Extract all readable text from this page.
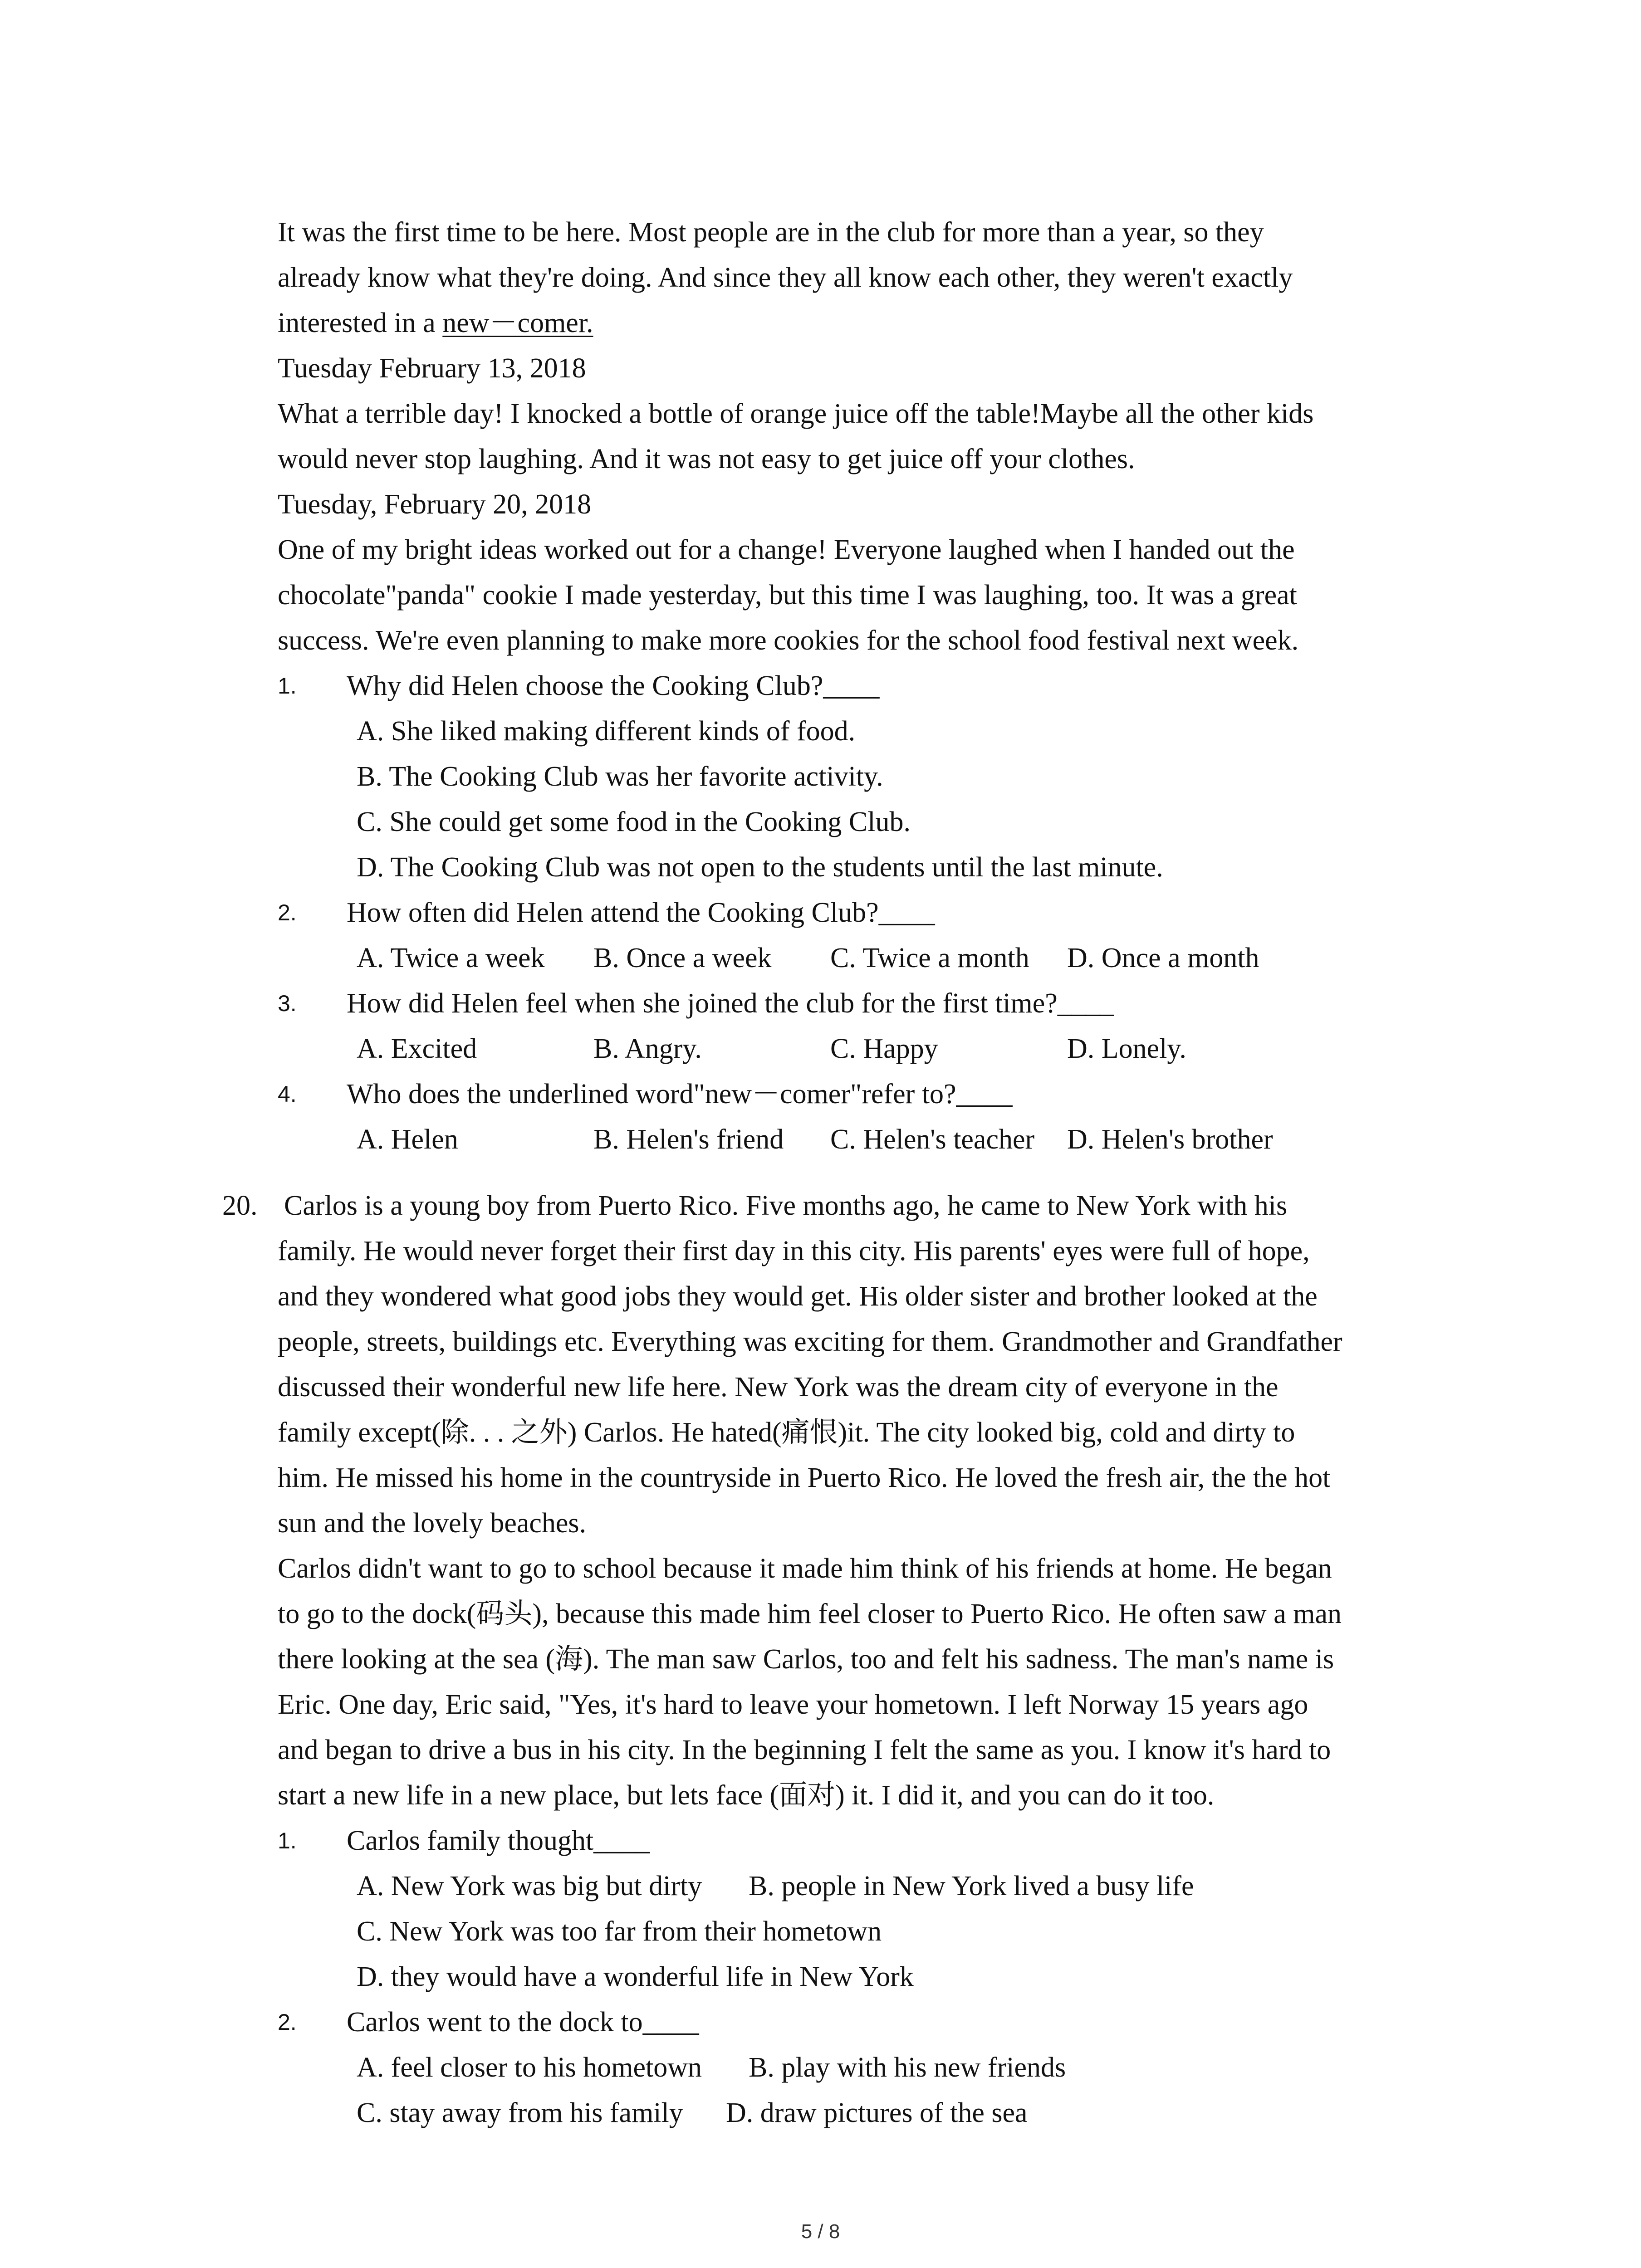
It was the first time to be here. Most people are in the club for more than a year, so they
already know what they're doing. And since they all know each other, they weren't exactly
interested in a new－comer.
Tuesday February 13, 2018
What a terrible day! I knocked a bottle of orange juice off the table!Maybe all the other kids
would never stop laughing. And it was not easy to get juice off your clothes.
Tuesday, February 20, 2018
One of my bright ideas worked out for a change! Everyone laughed when I handed out the
chocolate"panda" cookie I made yesterday, but this time I was laughing, too. It was a great
success. We're even planning to make more cookies for the school food festival next week.
1. Why did Helen choose the Cooking Club?____
A. She liked making different kinds of food.
B. The Cooking Club was her favorite activity.
C. She could get some food in the Cooking Club.
D. The Cooking Club was not open to the students until the last minute.
2. How often did Helen attend the Cooking Club?____
A. Twice a week B. Once a week C. Twice a month D. Once a month
3. How did Helen feel when she joined the club for the first time?____
A. Excited	B. Angry.	C. Happy	D. Lonely.
4. Who does the underlined word"new－comer"refer to?____
A. Helen	B. Helen's friend C. Helen's teacher D. Helen's brother
20. Carlos is a young boy from Puerto Rico. Five months ago, he came to New York with his
family. He would never forget their first day in this city. His parents' eyes were full of hope,
and they wondered what good jobs they would get. His older sister and brother looked at the
people, streets, buildings etc. Everything was exciting for them. Grandmother and Grandfather
discussed their wonderful new life here. New York was the dream city of everyone in the
family except(除. . . 之外) Carlos. He hated(痛恨)it. The city looked big, cold and dirty to
him. He missed his home in the countryside in Puerto Rico. He loved the fresh air, the the hot
sun and the lovely beaches.
Carlos didn't want to go to school because it made him think of his friends at home. He began
to go to the dock(码头), because this made him feel closer to Puerto Rico. He often saw a man
there looking at the sea (海). The man saw Carlos, too and felt his sadness. The man's name is
Eric. One day, Eric said, "Yes, it's hard to leave your hometown. I left Norway 15 years ago
and began to drive a bus in his city. In the beginning I felt the same as you. I know it's hard to
start a new life in a new place, but lets face (面对) it. I did it, and you can do it too.
1. Carlos family thought____
A. New York was big but dirty B. people in New York lived a busy life
C. New York was too far from their hometown
D. they would have a wonderful life in New York
2. Carlos went to the dock to____
A. feel closer to his hometown B. play with his new friends
C. stay away from his family D. draw pictures of the sea
5 / 8
